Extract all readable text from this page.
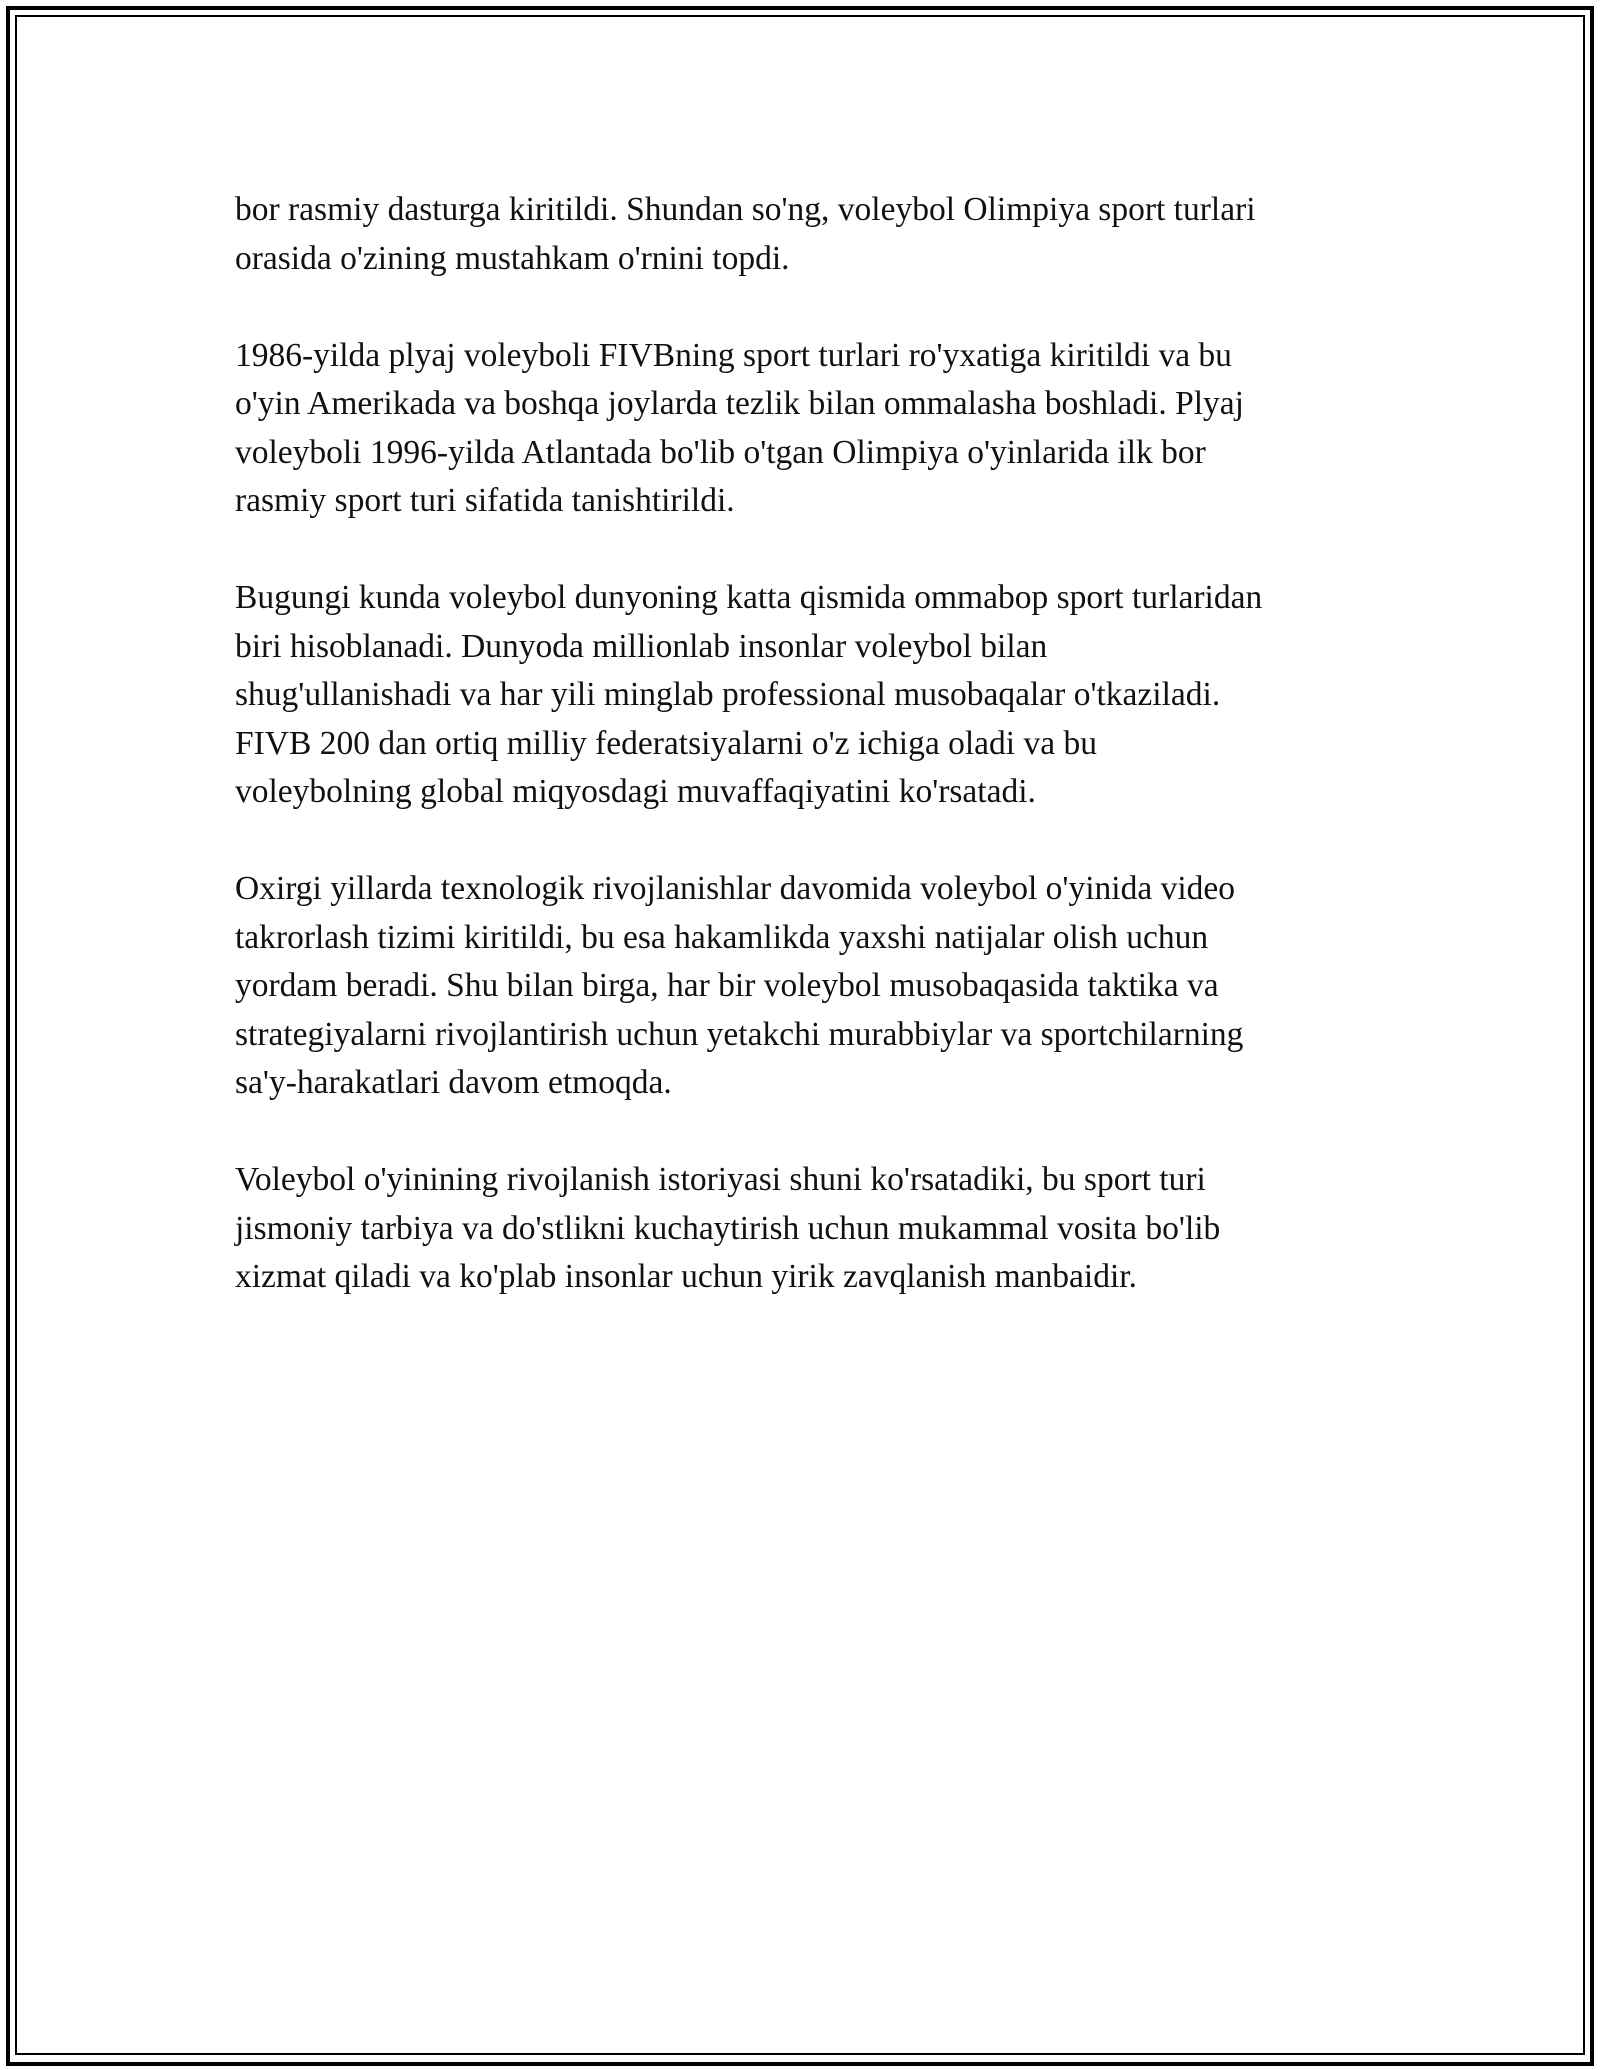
bor rasmiy dasturga kiritildi. Shundan so'ng, voleybol Olimpiya sport turlari
orasida o'zining mustahkam o'rnini topdi.

1986-yilda plyaj voleyboli FIVBning sport turlari ro'yxatiga kiritildi va bu
o'yin Amerikada va boshqa joylarda tezlik bilan ommalasha boshladi. Plyaj
voleyboli 1996-yilda Atlantada bo'lib o'tgan Olimpiya o'yinlarida ilk bor
rasmiy sport turi sifatida tanishtirildi.

Bugungi kunda voleybol dunyoning katta qismida ommabop sport turlaridan
biri hisoblanadi. Dunyoda millionlab insonlar voleybol bilan
shug'ullanishadi va har yili minglab professional musobaqalar o'tkaziladi.
FIVB 200 dan ortiq milliy federatsiyalarni o'z ichiga oladi va bu
voleybolning global miqyosdagi muvaffaqiyatini ko'rsatadi.

Oxirgi yillarda texnologik rivojlanishlar davomida voleybol o'yinida video
takrorlash tizimi kiritildi, bu esa hakamlikda yaxshi natijalar olish uchun
yordam beradi. Shu bilan birga, har bir voleybol musobaqasida taktika va
strategiyalarni rivojlantirish uchun yetakchi murabbiylar va sportchilarning
sa'y-harakatlari davom etmoqda.

Voleybol o'yinining rivojlanish istoriyasi shuni ko'rsatadiki, bu sport turi
jismoniy tarbiya va do'stlikni kuchaytirish uchun mukammal vosita bo'lib
xizmat qiladi va ko'plab insonlar uchun yirik zavqlanish manbaidir.
